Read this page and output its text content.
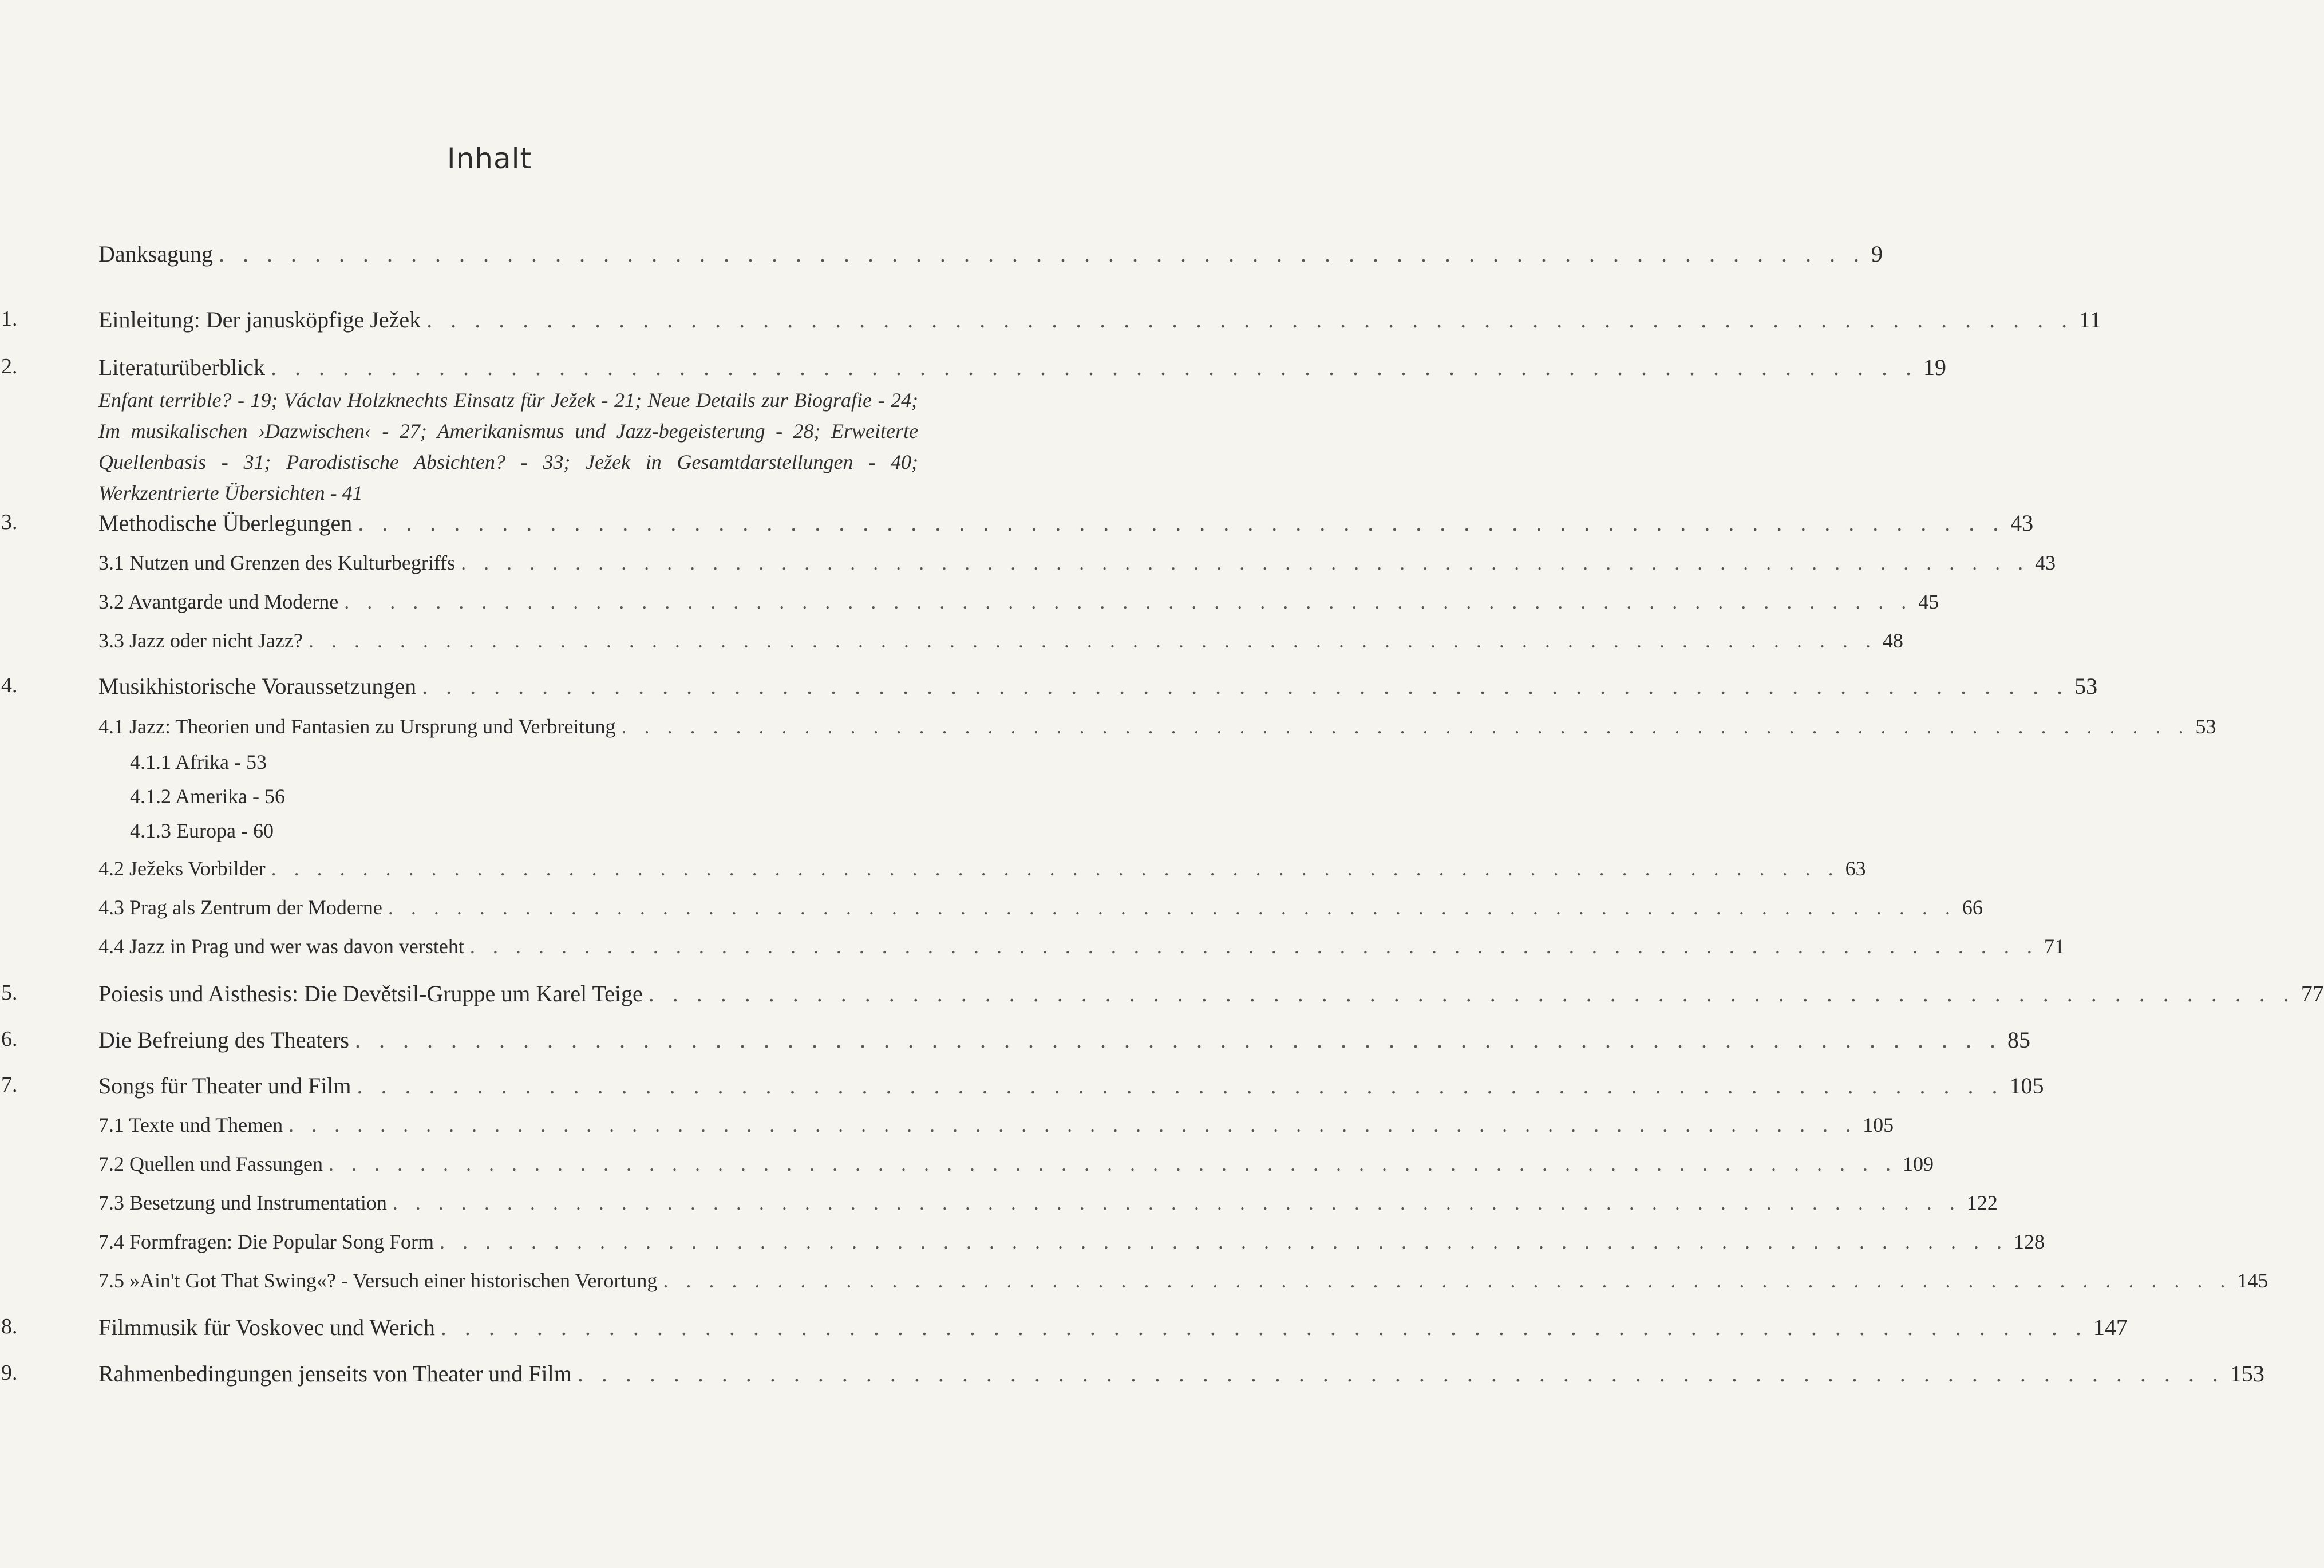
Inhalt
Danksagung . . . . . . . . . . . . . . . . . . . . . . . . . . . . . . . . . . . . . . . . . . . . . . . . . . . . . . . . . . . . . . . . . . . . . 9
1.	Einleitung: Der janusköpfige Ježek . . . . . . . . . . . . . . . . . . . . . . . . . . . . . . . . . . . . . . . . . . . . . . . . . . . . . . . . . . . . . . . . . . . . . 11
2.	Literaturüberblick . . . . . . . . . . . . . . . . . . . . . . . . . . . . . . . . . . . . . . . . . . . . . . . . . . . . . . . . . . . . . . . . . . . . . 19
Enfant terrible? - 19; Václav Holzknechts Einsatz für Ježek - 21; Neue Details zur Biografie - 24; Im musikalischen ›Dazwischen‹ - 27; Amerikanismus und Jazz-begeisterung - 28; Erweiterte Quellenbasis - 31; Parodistische Absichten? - 33; Ježek in Gesamtdarstellungen - 40; Werkzentrierte Übersichten - 41
3.	Methodische Überlegungen . . . . . . . . . . . . . . . . . . . . . . . . . . . . . . . . . . . . . . . . . . . . . . . . . . . . . . . . . . . . . . . . . . . . . 43
3.1 Nutzen und Grenzen des Kulturbegriffs . . . . . . . . . . . . . . . . . . . . . . . . . . . . . . . . . . . . . . . . . . . . . . . . . . . . . . . . . . . . . . . . . . . . . 43
3.2 Avantgarde und Moderne . . . . . . . . . . . . . . . . . . . . . . . . . . . . . . . . . . . . . . . . . . . . . . . . . . . . . . . . . . . . . . . . . . . . . 45
3.3 Jazz oder nicht Jazz? . . . . . . . . . . . . . . . . . . . . . . . . . . . . . . . . . . . . . . . . . . . . . . . . . . . . . . . . . . . . . . . . . . . . . 48
4.	Musikhistorische Voraussetzungen . . . . . . . . . . . . . . . . . . . . . . . . . . . . . . . . . . . . . . . . . . . . . . . . . . . . . . . . . . . . . . . . . . . . . 53
4.1 Jazz: Theorien und Fantasien zu Ursprung und Verbreitung . . . . . . . . . . . . . . . . . . . . . . . . . . . . . . . . . . . . . . . . . . . . . . . . . . . . . . . . . . . . . . . . . . . . . 53
4.1.1 Afrika - 53
4.1.2 Amerika - 56
4.1.3 Europa - 60
4.2 Ježeks Vorbilder . . . . . . . . . . . . . . . . . . . . . . . . . . . . . . . . . . . . . . . . . . . . . . . . . . . . . . . . . . . . . . . . . . . . . 63
4.3 Prag als Zentrum der Moderne . . . . . . . . . . . . . . . . . . . . . . . . . . . . . . . . . . . . . . . . . . . . . . . . . . . . . . . . . . . . . . . . . . . . . 66
4.4 Jazz in Prag und wer was davon versteht . . . . . . . . . . . . . . . . . . . . . . . . . . . . . . . . . . . . . . . . . . . . . . . . . . . . . . . . . . . . . . . . . . . . . 71
5.	Poiesis und Aisthesis: Die Devětsil-Gruppe um Karel Teige . . . . . . . . . . . . . . . . . . . . . . . . . . . . . . . . . . . . . . . . . . . . . . . . . . . . . . . . . . . . . . . . . . . . . 77
6.	Die Befreiung des Theaters . . . . . . . . . . . . . . . . . . . . . . . . . . . . . . . . . . . . . . . . . . . . . . . . . . . . . . . . . . . . . . . . . . . . . 85
7.	Songs für Theater und Film . . . . . . . . . . . . . . . . . . . . . . . . . . . . . . . . . . . . . . . . . . . . . . . . . . . . . . . . . . . . . . . . . . . . . 105
7.1 Texte und Themen . . . . . . . . . . . . . . . . . . . . . . . . . . . . . . . . . . . . . . . . . . . . . . . . . . . . . . . . . . . . . . . . . . . . . 105
7.2 Quellen und Fassungen . . . . . . . . . . . . . . . . . . . . . . . . . . . . . . . . . . . . . . . . . . . . . . . . . . . . . . . . . . . . . . . . . . . . . 109
7.3 Besetzung und Instrumentation . . . . . . . . . . . . . . . . . . . . . . . . . . . . . . . . . . . . . . . . . . . . . . . . . . . . . . . . . . . . . . . . . . . . . 122
7.4 Formfragen: Die Popular Song Form . . . . . . . . . . . . . . . . . . . . . . . . . . . . . . . . . . . . . . . . . . . . . . . . . . . . . . . . . . . . . . . . . . . . . 128
7.5 »Ain't Got That Swing«? - Versuch einer historischen Verortung . . . . . . . . . . . . . . . . . . . . . . . . . . . . . . . . . . . . . . . . . . . . . . . . . . . . . . . . . . . . . . . . . . . . . 145
8.	Filmmusik für Voskovec und Werich . . . . . . . . . . . . . . . . . . . . . . . . . . . . . . . . . . . . . . . . . . . . . . . . . . . . . . . . . . . . . . . . . . . . . 147
9.	Rahmenbedingungen jenseits von Theater und Film . . . . . . . . . . . . . . . . . . . . . . . . . . . . . . . . . . . . . . . . . . . . . . . . . . . . . . . . . . . . . . . . . . . . . 153
